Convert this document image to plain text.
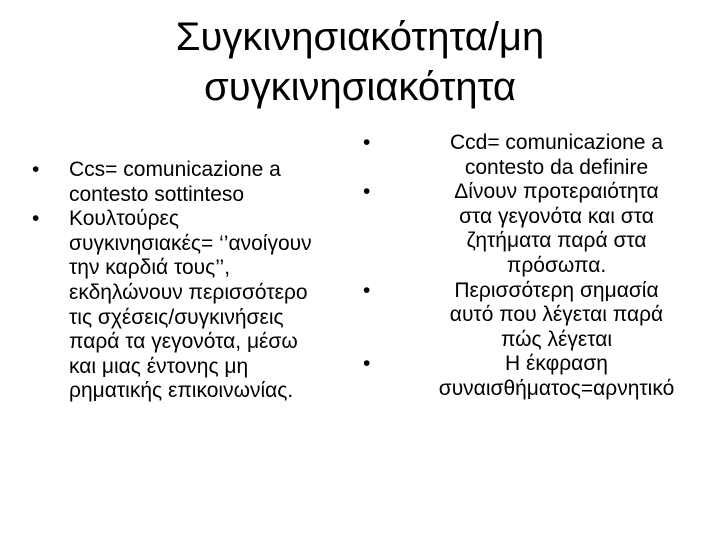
Συγκινησιακότητα/μη
συγκινησιακότητα
•	Ccs= comunicazione a
contesto sottinteso
•	Κουλτούρες
συγκινησιακές= ‘’ανοίγουν
την καρδιά τους’’,
εκδηλώνουν περισσότερο
τις σχέσεις/συγκινήσεις
παρά τα γεγονότα, μέσω
και μιας έντονης μη
ρηματικής επικοινωνίας.
•	Ccd= comunicazione a
contesto da definire
•	Δίνουν προτεραιότητα
στα γεγονότα και στα
ζητήματα παρά στα
πρόσωπα.
•	Περισσότερη σημασία
αυτό που λέγεται παρά
πώς λέγεται
•	Η έκφραση
συναισθήματος=αρνητικό
